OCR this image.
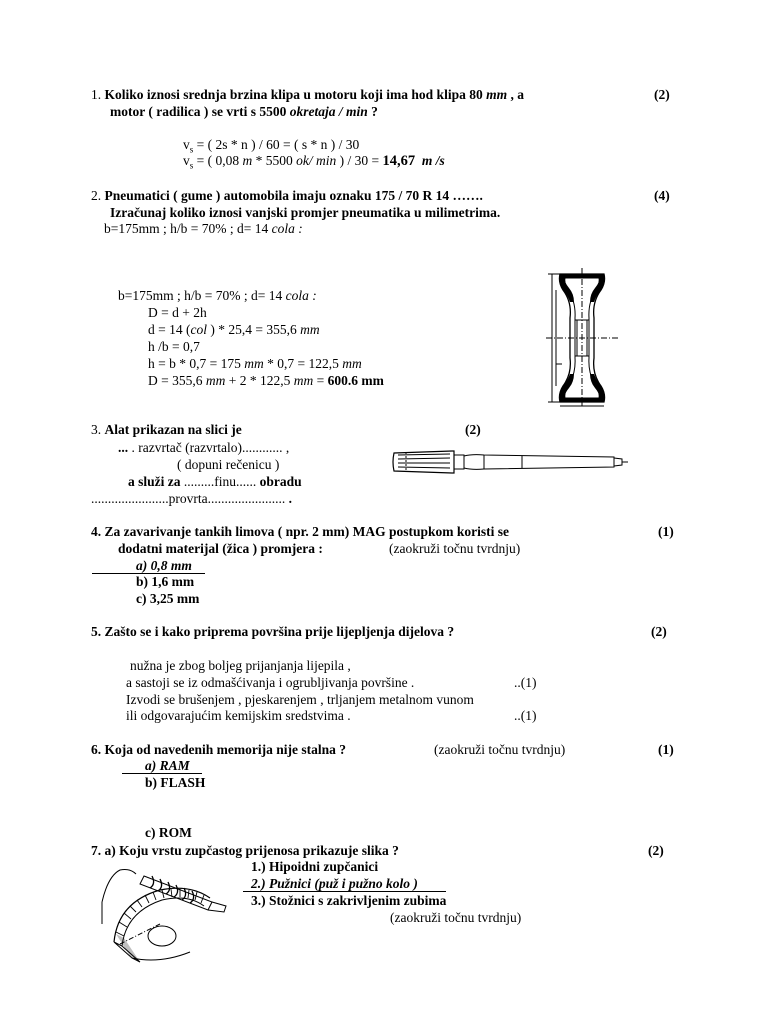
1. Koliko iznosi srednja brzina klipa u motoru koji ima hod klipa 80 mm , a	(2)
motor ( radilica ) se vrti s 5500 okretaja / min ?
$v_s$ = ( 2s * n ) / 60 = ( s * n ) / 30
$v_s$ = ( 0,08 m * 5500 ok/ min ) / 30 = 14,67 m /s
2. Pneumatici ( gume ) automobila imaju oznaku 175 / 70 R 14 …….	(4)
Izračunaj koliko iznosi vanjski promjer pneumatika u milimetrima.
b=175mm ; h/b = 70% ; d= 14 cola :
b=175mm ; h/b = 70% ; d= 14 cola :
D = d + 2h
d = 14 (col ) * 25,4 = 355,6 mm
h /b = 0,7
h = b * 0,7 = 175 mm * 0,7 = 122,5 mm
D = 355,6 mm + 2 * 122,5 mm = 600.6 mm
3. Alat prikazan na slici je	(2)
... . razvrtač (razvrtalo)............ ,
( dopuni rečenicu )
a služi za .........finu...... obradu
.......................provrta....................... .
4. Za zavarivanje tankih limova ( npr. 2 mm) MAG postupkom koristi se	(1)
dodatni materijal (žica ) promjera :	(zaokruži točnu tvrdnju)
a) 0,8 mm
b) 1,6 mm
c) 3,25 mm
5. Zašto se i kako priprema površina prije lijepljenja dijelova ?	(2)
nužna je zbog boljeg prijanjanja lijepila ,
a sastoji se iz odmašćivanja i ogrubljivanja površine .	..(1)
Izvodi se brušenjem , pjeskarenjem , trljanjem metalnom vunom
ili odgovarajućim kemijskim sredstvima .	..(1)
6. Koja od navedenih memorija nije stalna ?	(zaokruži točnu tvrdnju)	(1)
a) RAM
b) FLASH
c) ROM
7. a) Koju vrstu zupčastog prijenosa prikazuje slika ?	(2)
1.) Hipoidni zupčanici
2.) Pužnici (puž i pužno kolo )
3.) Stožnici s zakrivljenim zubima
(zaokruži točnu tvrdnju)
